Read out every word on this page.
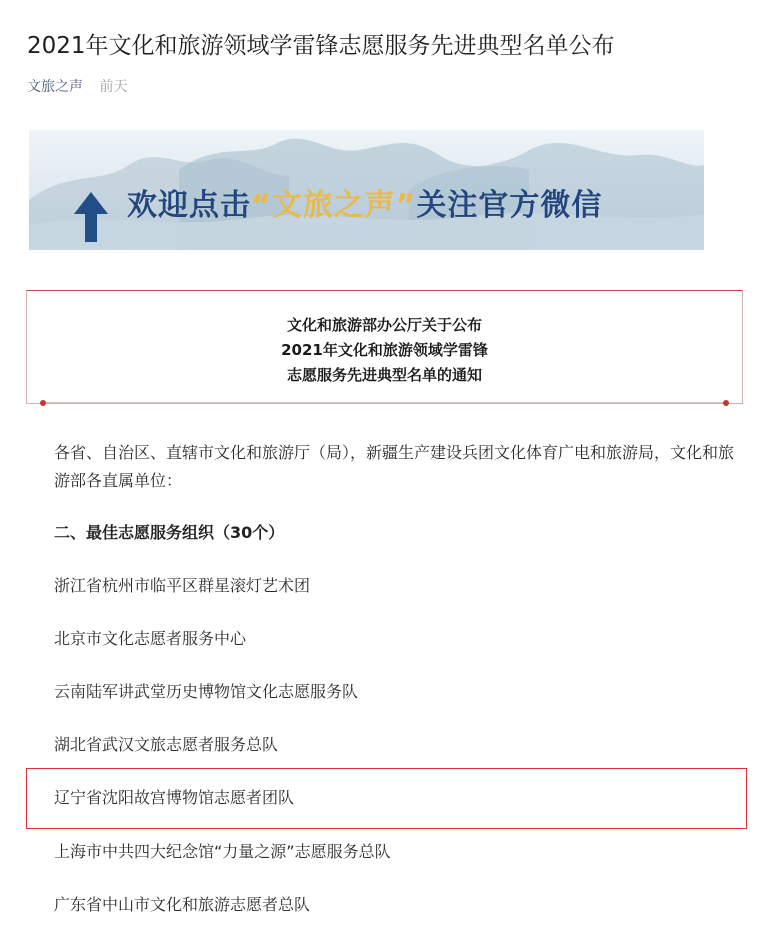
2021年文化和旅游领域学雷锋志愿服务先进典型名单公布
文旅之声 前天
欢迎点击“文旅之声”关注官方微信
文化和旅游部办公厅关于公布
2021年文化和旅游领域学雷锋
志愿服务先进典型名单的通知

各省、自治区、直辖市文化和旅游厅（局），新疆生产建设兵团文化体育广电和旅游局，文化和旅游部各直属单位：

二、最佳志愿服务组织（30个）
浙江省杭州市临平区群星滚灯艺术团
北京市文化志愿者服务中心
云南陆军讲武堂历史博物馆文化志愿服务队
湖北省武汉文旅志愿者服务总队
辽宁省沈阳故宫博物馆志愿者团队
上海市中共四大纪念馆“力量之源”志愿服务总队
广东省中山市文化和旅游志愿者总队
